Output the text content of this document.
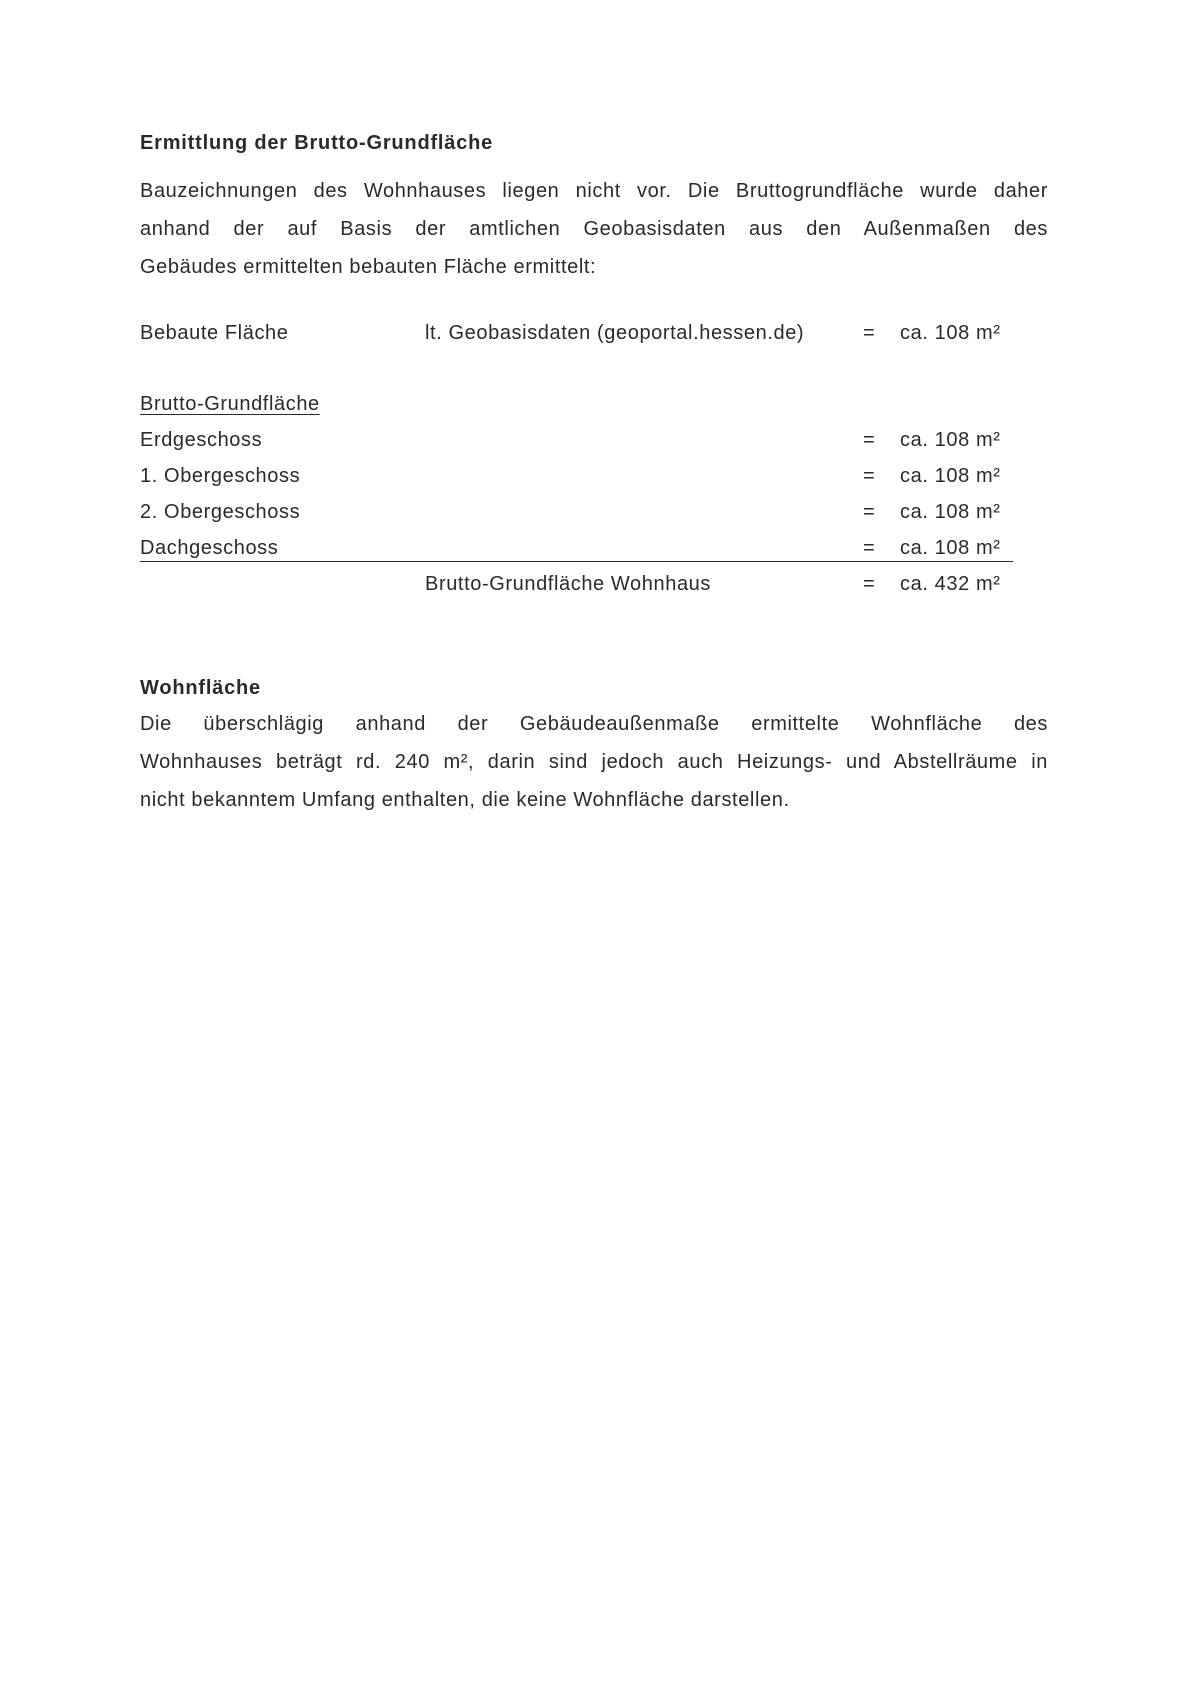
Ermittlung der Brutto-Grundfläche
Bauzeichnungen des Wohnhauses liegen nicht vor. Die Bruttogrundfläche wurde daher
anhand der auf Basis der amtlichen Geobasisdaten aus den Außenmaßen des
Gebäudes ermittelten bebauten Fläche ermittelt:
Bebaute Fläche	lt. Geobasisdaten (geoportal.hessen.de)	= ca. 108 m²
Brutto-Grundfläche
Erdgeschoss	= ca. 108 m²
1. Obergeschoss	= ca. 108 m²
2. Obergeschoss	= ca. 108 m²
Dachgeschoss	= ca. 108 m²
Brutto-Grundfläche Wohnhaus	= ca. 432 m²
Wohnfläche
Die überschlägig anhand der Gebäudeaußenmaße ermittelte Wohnfläche des
Wohnhauses beträgt rd. 240 m², darin sind jedoch auch Heizungs- und Abstellräume in
nicht bekanntem Umfang enthalten, die keine Wohnfläche darstellen.
